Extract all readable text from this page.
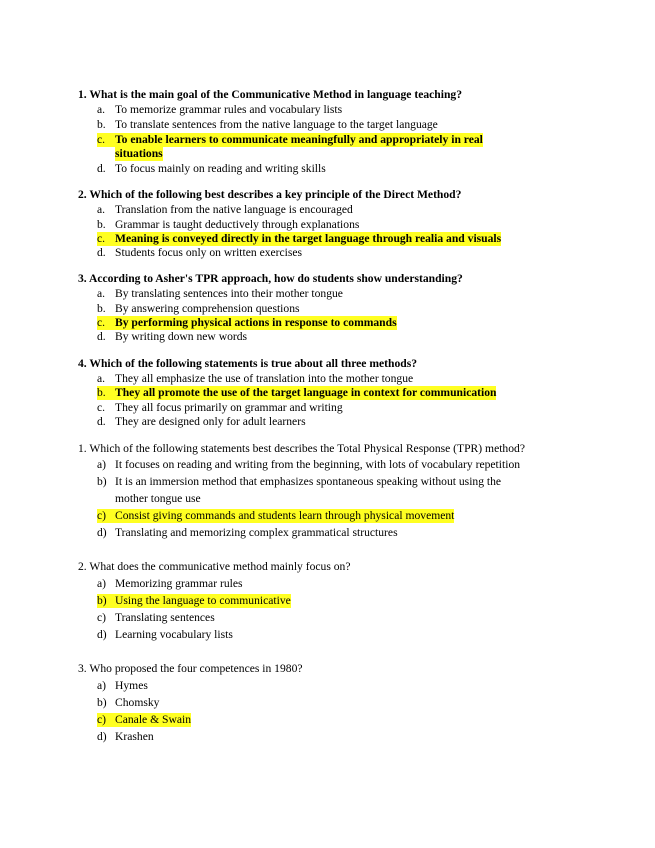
1. What is the main goal of the Communicative Method in language teaching?
a. To memorize grammar rules and vocabulary lists
b. To translate sentences from the native language to the target language
c. To enable learners to communicate meaningfully and appropriately in real
situations
d. To focus mainly on reading and writing skills
2. Which of the following best describes a key principle of the Direct Method?
a. Translation from the native language is encouraged
b. Grammar is taught deductively through explanations
c. Meaning is conveyed directly in the target language through realia and visuals
d. Students focus only on written exercises
3. According to Asher's TPR approach, how do students show understanding?
a. By translating sentences into their mother tongue
b. By answering comprehension questions
c. By performing physical actions in response to commands
d. By writing down new words
4. Which of the following statements is true about all three methods?
a. They all emphasize the use of translation into the mother tongue
b. They all promote the use of the target language in context for communication
c. They all focus primarily on grammar and writing
d. They are designed only for adult learners
1. Which of the following statements best describes the Total Physical Response (TPR) method?
a) It focuses on reading and writing from the beginning, with lots of vocabulary repetition
b) It is an immersion method that emphasizes spontaneous speaking without using the
mother tongue use
c) Consist giving commands and students learn through physical movement
d) Translating and memorizing complex grammatical structures
2. What does the communicative method mainly focus on?
a) Memorizing grammar rules
b) Using the language to communicative
c) Translating sentences
d) Learning vocabulary lists
3. Who proposed the four competences in 1980?
a) Hymes
b) Chomsky
c) Canale & Swain
d) Krashen
